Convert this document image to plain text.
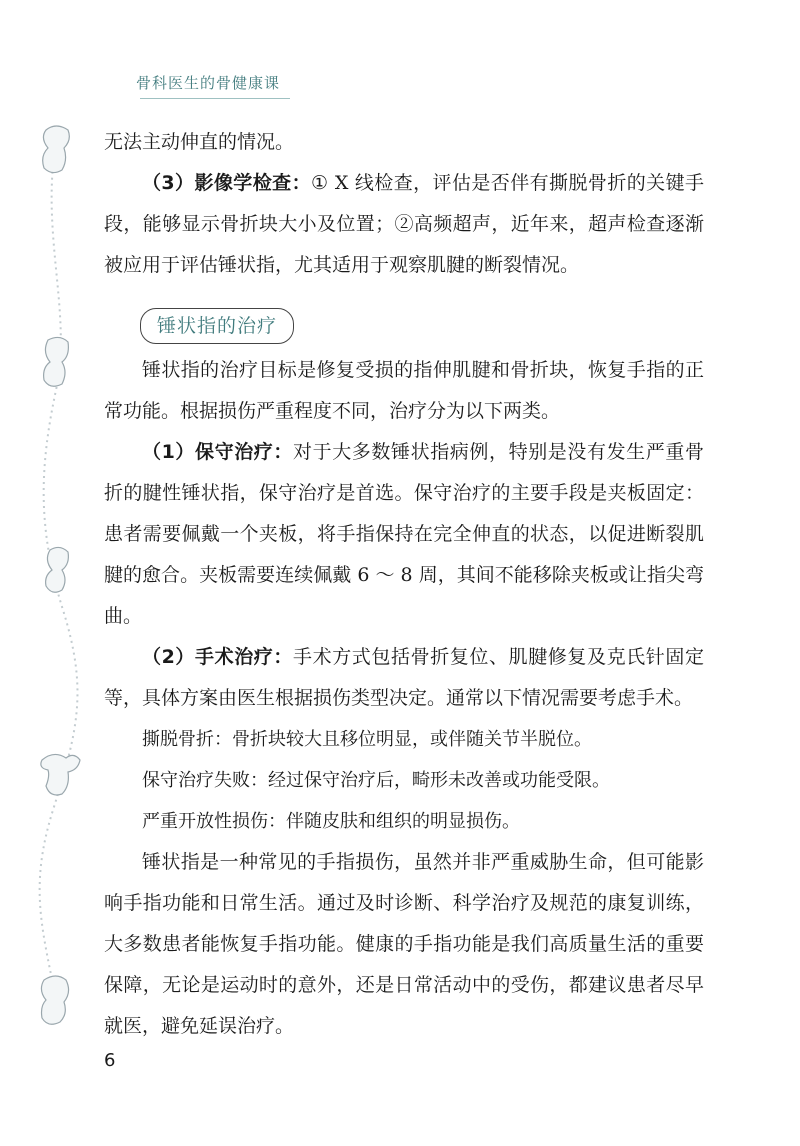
骨科医生的骨健康课

无法主动伸直的情况。

（3）影像学检查：① X 线检查，评估是否伴有撕脱骨折的关键手段，能够显示骨折块大小及位置；②高频超声，近年来，超声检查逐渐被应用于评估锤状指，尤其适用于观察肌腱的断裂情况。

锤状指的治疗

锤状指的治疗目标是修复受损的指伸肌腱和骨折块，恢复手指的正常功能。根据损伤严重程度不同，治疗分为以下两类。

（1）保守治疗：对于大多数锤状指病例，特别是没有发生严重骨折的腱性锤状指，保守治疗是首选。保守治疗的主要手段是夹板固定：患者需要佩戴一个夹板，将手指保持在完全伸直的状态，以促进断裂肌腱的愈合。夹板需要连续佩戴 6 ～ 8 周，其间不能移除夹板或让指尖弯曲。

（2）手术治疗：手术方式包括骨折复位、肌腱修复及克氏针固定等，具体方案由医生根据损伤类型决定。通常以下情况需要考虑手术。

撕脱骨折：骨折块较大且移位明显，或伴随关节半脱位。

保守治疗失败：经过保守治疗后，畸形未改善或功能受限。

严重开放性损伤：伴随皮肤和组织的明显损伤。

锤状指是一种常见的手指损伤，虽然并非严重威胁生命，但可能影响手指功能和日常生活。通过及时诊断、科学治疗及规范的康复训练，大多数患者能恢复手指功能。健康的手指功能是我们高质量生活的重要保障，无论是运动时的意外，还是日常活动中的受伤，都建议患者尽早就医，避免延误治疗。

6
